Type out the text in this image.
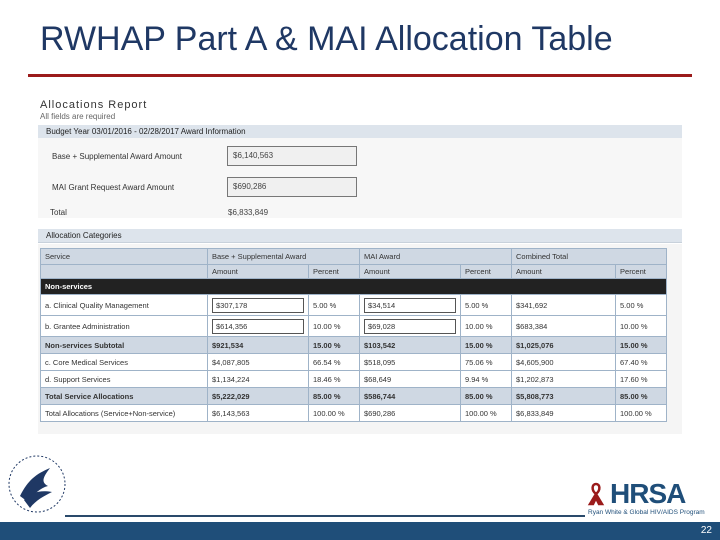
RWHAP Part A & MAI Allocation Table
Allocations Report
All fields are required
Budget Year 03/01/2016 - 02/28/2017 Award Information
Base + Supplemental Award Amount	$6,140,563
MAI Grant Request Award Amount	$690,286
Total	$6,833,849
Allocation Categories
Service	Base + Supplemental Award		MAI Award		Combined Total	
	Amount	Percent	Amount	Percent	Amount	Percent
Non-services						
a. Clinical Quality Management	$307,178	5.00 %	$34,514	5.00 %	$341,692	5.00 %
b. Grantee Administration	$614,356	10.00 %	$69,028	10.00 %	$683,384	10.00 %
Non-services Subtotal	$921,534	15.00 %	$103,542	15.00 %	$1,025,076	15.00 %
c. Core Medical Services	$4,087,805	66.54 %	$518,095	75.06 %	$4,605,900	67.40 %
d. Support Services	$1,134,224	18.46 %	$68,649	9.94 %	$1,202,873	17.60 %
Total Service Allocations	$5,222,029	85.00 %	$586,744	85.00 %	$5,808,773	85.00 %
Total Allocations (Service+Non-service)	$6,143,563	100.00 %	$690,286	100.00 %	$6,833,849	100.00 %
HRSA
Ryan White & Global HIV/AIDS Program
22
